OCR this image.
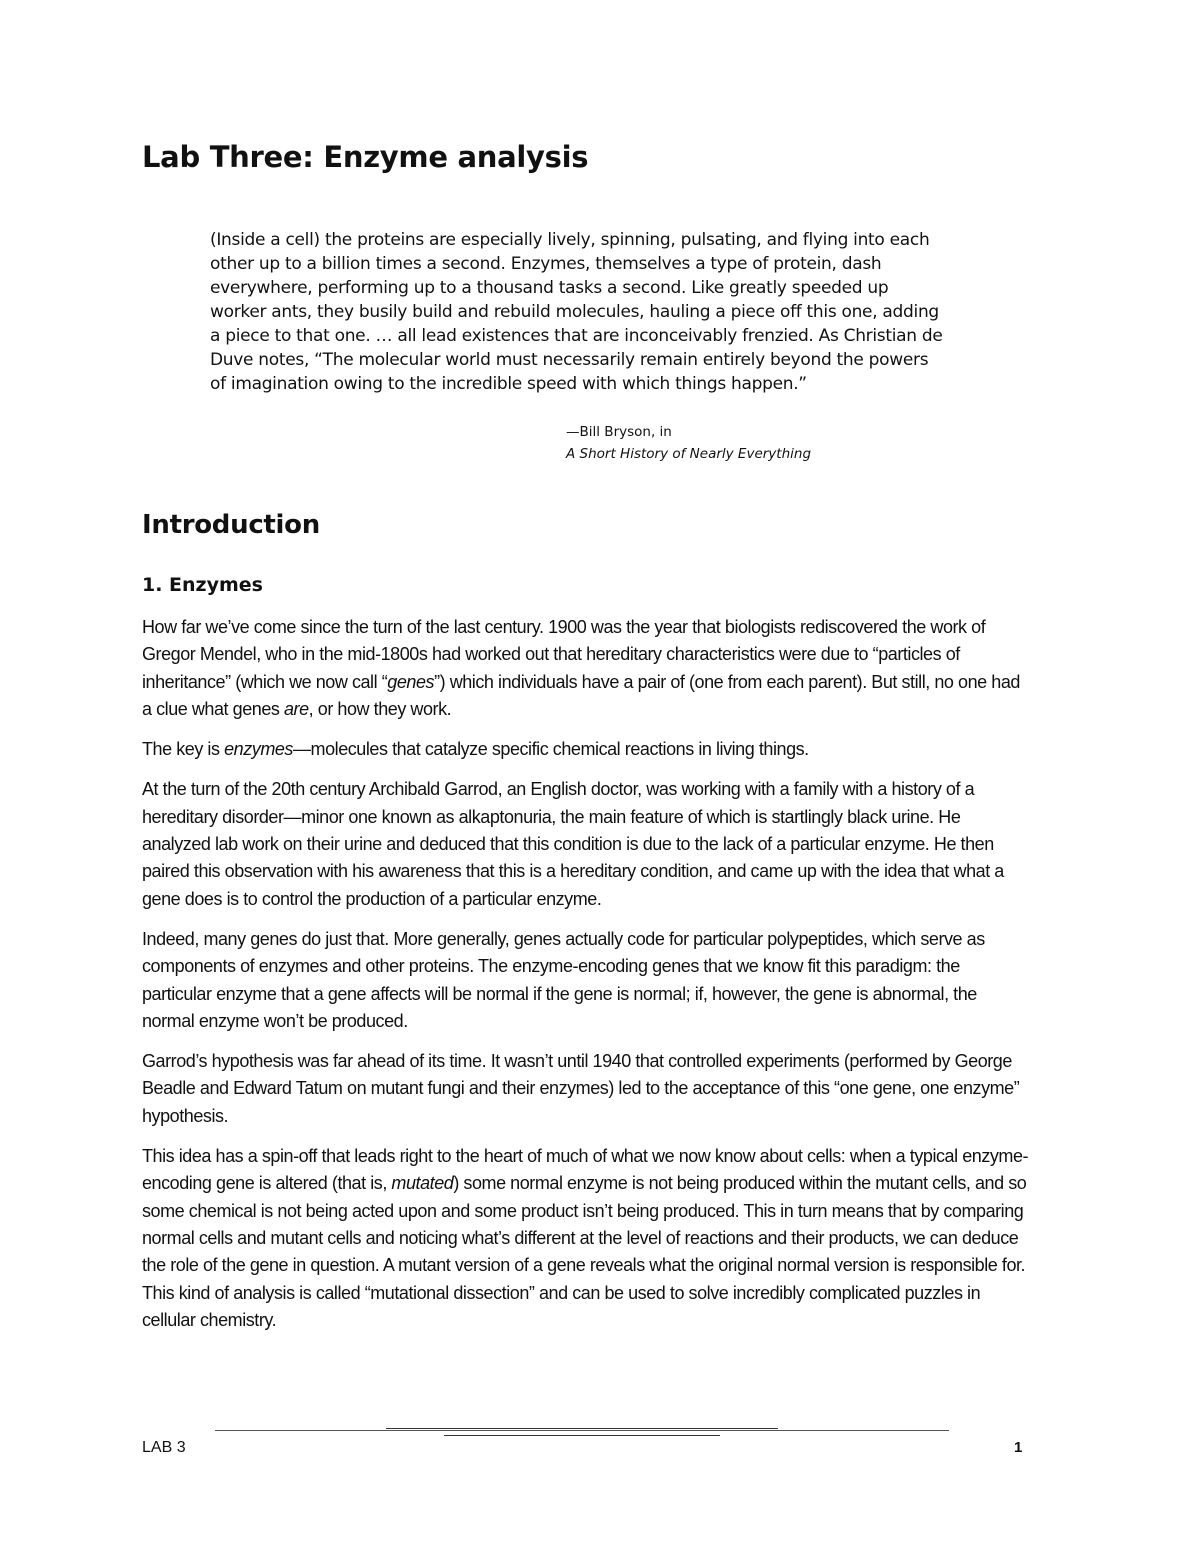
Lab Three: Enzyme analysis

(Inside a cell) the proteins are especially lively, spinning, pulsating, and flying into each other up to a billion times a second. Enzymes, themselves a type of protein, dash everywhere, performing up to a thousand tasks a second. Like greatly speeded up worker ants, they busily build and rebuild molecules, hauling a piece off this one, adding a piece to that one. … all lead existences that are inconceivably frenzied. As Christian de Duve notes, “The molecular world must necessarily remain entirely beyond the powers of imagination owing to the incredible speed with which things happen.”

—Bill Bryson, in
A Short History of Nearly Everything
Introduction
1. Enzymes

How far we’ve come since the turn of the last century. 1900 was the year that biologists rediscovered the work of Gregor Mendel, who in the mid-1800s had worked out that hereditary characteristics were due to “particles of inheritance” (which we now call “genes”) which individuals have a pair of (one from each parent). But still, no one had a clue what genes are, or how they work.

The key is enzymes—molecules that catalyze specific chemical reactions in living things.

At the turn of the 20th century Archibald Garrod, an English doctor, was working with a family with a history of a hereditary disorder—minor one known as alkaptonuria, the main feature of which is startlingly black urine. He analyzed lab work on their urine and deduced that this condition is due to the lack of a particular enzyme. He then paired this observation with his awareness that this is a hereditary condition, and came up with the idea that what a gene does is to control the production of a particular enzyme.

Indeed, many genes do just that. More generally, genes actually code for particular polypeptides, which serve as components of enzymes and other proteins. The enzyme-encoding genes that we know fit this paradigm: the particular enzyme that a gene affects will be normal if the gene is normal; if, however, the gene is abnormal, the normal enzyme won’t be produced.

Garrod’s hypothesis was far ahead of its time. It wasn’t until 1940 that controlled experiments (performed by George Beadle and Edward Tatum on mutant fungi and their enzymes) led to the acceptance of this “one gene, one enzyme” hypothesis.

This idea has a spin-off that leads right to the heart of much of what we now know about cells: when a typical enzyme-encoding gene is altered (that is, mutated) some normal enzyme is not being produced within the mutant cells, and so some chemical is not being acted upon and some product isn’t being produced. This in turn means that by comparing normal cells and mutant cells and noticing what’s different at the level of reactions and their products, we can deduce the role of the gene in question. A mutant version of a gene reveals what the original normal version is responsible for. This kind of analysis is called “mutational dissection” and can be used to solve incredibly complicated puzzles in cellular chemistry.

LAB 3	1
